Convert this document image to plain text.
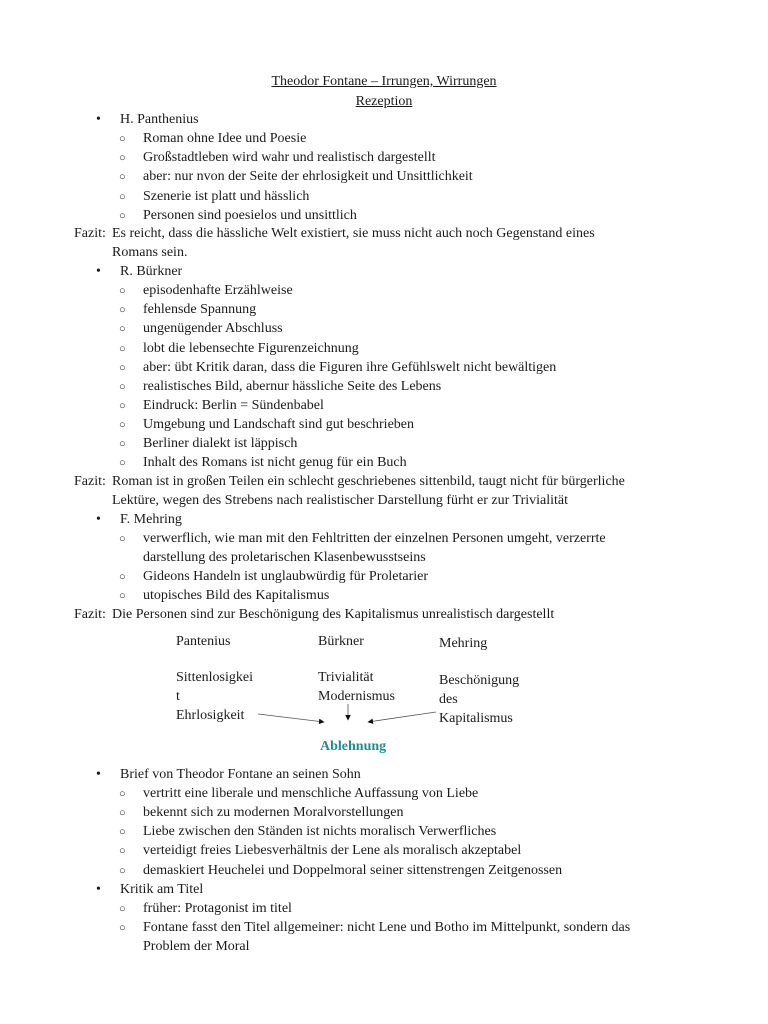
Theodor Fontane – Irrungen, Wirrungen
Rezeption
• H. Panthenius
○ Roman ohne Idee und Poesie
○ Großstadtleben wird wahr und realistisch dargestellt
○ aber: nur nvon der Seite der ehrlosigkeit und Unsittlichkeit
○ Szenerie ist platt und hässlich
○ Personen sind poesielos und unsittlich
Fazit: Es reicht, dass die hässliche Welt existiert, sie muss nicht auch noch Gegenstand eines
Romans sein.
• R. Bürkner
○ episodenhafte Erzählweise
○ fehlensde Spannung
○ ungenügender Abschluss
○ lobt die lebensechte Figurenzeichnung
○ aber: übt Kritik daran, dass die Figuren ihre Gefühlswelt nicht bewältigen
○ realistisches Bild, abernur hässliche Seite des Lebens
○ Eindruck: Berlin = Sündenbabel
○ Umgebung und Landschaft sind gut beschrieben
○ Berliner dialekt ist läppisch
○ Inhalt des Romans ist nicht genug für ein Buch
Fazit: Roman ist in großen Teilen ein schlecht geschriebenes sittenbild, taugt nicht für bürgerliche
Lektüre, wegen des Strebens nach realistischer Darstellung fürht er zur Trivialität
• F. Mehring
○ verwerflich, wie man mit den Fehltritten der einzelnen Personen umgeht, verzerrte
darstellung des proletarischen Klasenbewusstseins
○ Gideons Handeln ist unglaubwürdig für Proletarier
○ utopisches Bild des Kapitalismus
Fazit: Die Personen sind zur Beschönigung des Kapitalismus unrealistisch dargestellt
Pantenius
Sittenlosigkei
t
Ehrlosigkeit
Bürkner
Trivialität
Modernismus
Mehring
Beschönigung
des
Kapitalismus
Ablehnung
• Brief von Theodor Fontane an seinen Sohn
○ vertritt eine liberale und menschliche Auffassung von Liebe
○ bekennt sich zu modernen Moralvorstellungen
○ Liebe zwischen den Ständen ist nichts moralisch Verwerfliches
○ verteidigt freies Liebesverhältnis der Lene als moralisch akzeptabel
○ demaskiert Heuchelei und Doppelmoral seiner sittenstrengen Zeitgenossen
• Kritik am Titel
○ früher: Protagonist im titel
○ Fontane fasst den Titel allgemeiner: nicht Lene und Botho im Mittelpunkt, sondern das
Problem der Moral
